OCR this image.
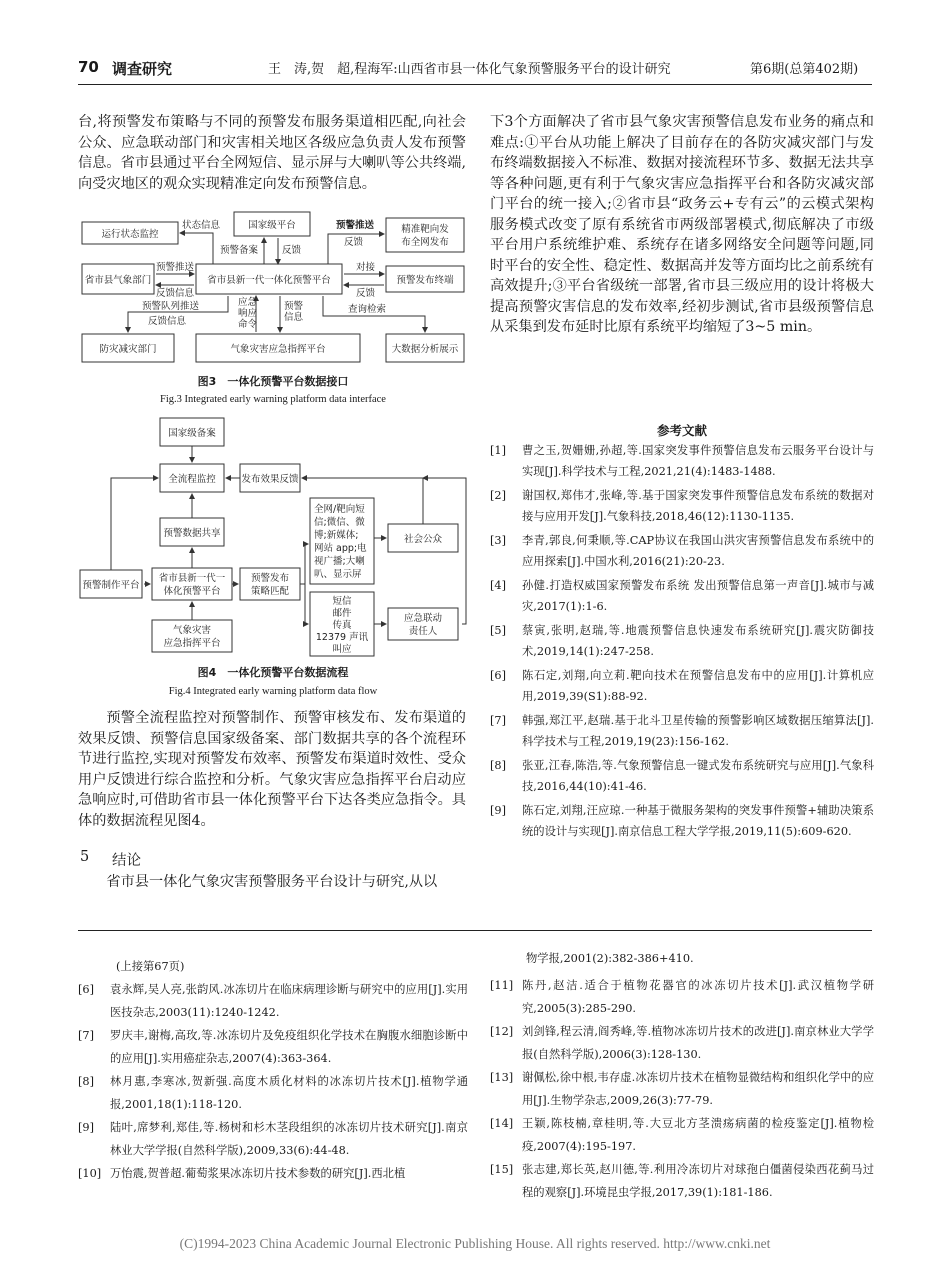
70 调查研究	王　涛,贺　超,程海军:山西省市县一体化气象预警服务平台的设计研究	第6期(总第402期)

台,将预警发布策略与不同的预警发布服务渠道相匹配,向社会公众、应急联动部门和灾害相关地区各级应急负责人发布预警信息。省市县通过平台全网短信、显示屏与大喇叭等公共终端,向受灾地区的观众实现精准定向发布预警信息。

国家级平台
运行状态监控	精准靶向发
布全网发布
省市县气象部门	省市县新一代一体化预警平台	预警发布终端
防灾减灾部门	气象灾害应急指挥平台	大数据分析展示
状态信息
预警备案	反馈
预警推送
反馈
预警推送
反馈信息
对接
反馈
预警队列推送
反馈信息
应急
响应
命令
预警
信息
查询检索
图3　一体化预警平台数据接口
Fig.3 Integrated early warning platform data interface
国家级备案
全流程监控	发布效果反馈
预警数据共享
全网/靶向短
信;微信、微
博;新媒体;
网站 app;电
视广播;大喇
叭、显示屏
社会公众
预警制作平台
省市县新一代一
体化预警平台
预警发布
策略匹配
短信
邮件
传真
12379 声讯
叫应
应急联动
责任人
气象灾害
应急指挥平台
图4　一体化预警平台数据流程
Fig.4 Integrated early warning platform data flow

预警全流程监控对预警制作、预警审核发布、发布渠道的效果反馈、预警信息国家级备案、部门数据共享的各个流程环节进行监控,实现对预警发布效率、预警发布渠道时效性、受众用户反馈进行综合监控和分析。气象灾害应急指挥平台启动应急响应时,可借助省市县一体化预警平台下达各类应急指令。具体的数据流程见图4。

5 结论

省市县一体化气象灾害预警服务平台设计与研究,从以

下3个方面解决了省市县气象灾害预警信息发布业务的痛点和难点:①平台从功能上解决了目前存在的各防灾减灾部门与发布终端数据接入不标准、数据对接流程环节多、数据无法共享等各种问题,更有利于气象灾害应急指挥平台和各防灾减灾部门平台的统一接入;②省市县“政务云+专有云”的云模式架构服务模式改变了原有系统省市两级部署模式,彻底解决了市级平台用户系统维护难、系统存在诸多网络安全问题等问题,同时平台的安全性、稳定性、数据高并发等方面均比之前系统有高效提升;③平台省级统一部署,省市县三级应用的设计将极大提高预警灾害信息的发布效率,经初步测试,省市县级预警信息从采集到发布延时比原有系统平均缩短了3~5 min。

参考文献
[1] 曹之玉,贺姗姗,孙超,等.国家突发事件预警信息发布云服务平台设计与实现[J].科学技术与工程,2021,21(4):1483-1488.
[2] 谢国权,郑伟才,张峰,等.基于国家突发事件预警信息发布系统的数据对接与应用开发[J].气象科技,2018,46(12):1130-1135.
[3] 李青,郭良,何秉顺,等.CAP协议在我国山洪灾害预警信息发布系统中的应用探索[J].中国水利,2016(21):20-23.
[4] 孙健.打造权威国家预警发布系统 发出预警信息第一声音[J].城市与减灾,2017(1):1-6.
[5] 蔡寅,张明,赵瑞,等.地震预警信息快速发布系统研究[J].震灾防御技术,2019,14(1):247-258.
[6] 陈石定,刘翔,向立莉.靶向技术在预警信息发布中的应用[J].计算机应用,2019,39(S1):88-92.
[7] 韩强,郑江平,赵瑞.基于北斗卫星传输的预警影响区域数据压缩算法[J].科学技术与工程,2019,19(23):156-162.
[8] 张亚,江春,陈浩,等.气象预警信息一键式发布系统研究与应用[J].气象科技,2016,44(10):41-46.
[9] 陈石定,刘翔,汪应琼.一种基于微服务架构的突发事件预警+辅助决策系统的设计与实现[J].南京信息工程大学学报,2019,11(5):609-620.
(上接第67页)
[6] 袁永辉,吴人亮,张韵风.冰冻切片在临床病理诊断与研究中的应用[J].实用医技杂志,2003(11):1240-1242.
[7] 罗庆丰,谢梅,高玫,等.冰冻切片及免疫组织化学技术在胸腹水细胞诊断中的应用[J].实用癌症杂志,2007(4):363-364.
[8] 林月惠,李寒冰,贺新强.高度木质化材料的冰冻切片技术[J].植物学通报,2001,18(1):118-120.
[9] 陆叶,席梦利,郑佳,等.杨树和杉木茎段组织的冰冻切片技术研究[J].南京林业大学学报(自然科学版),2009,33(6):44-48.
[10] 万怡震,贺普超.葡萄浆果冰冻切片技术参数的研究[J].西北植
物学报,2001(2):382-386+410.
[11] 陈丹,赵洁.适合于植物花器官的冰冻切片技术[J].武汉植物学研究,2005(3):285-290.
[12] 刘剑锋,程云清,阎秀峰,等.植物冰冻切片技术的改进[J].南京林业大学学报(自然科学版),2006(3):128-130.
[13] 谢佩松,徐中根,韦存虚.冰冻切片技术在植物显微结构和组织化学中的应用[J].生物学杂志,2009,26(3):77-79.
[14] 王颖,陈枝楠,章桂明,等.大豆北方茎溃疡病菌的检疫鉴定[J].植物检疫,2007(4):195-197.
[15] 张志建,郑长英,赵川德,等.利用冷冻切片对球孢白僵菌侵染西花蓟马过程的观察[J].环境昆虫学报,2017,39(1):181-186.
(C)1994-2023 China Academic Journal Electronic Publishing House. All rights reserved. http://www.cnki.net
